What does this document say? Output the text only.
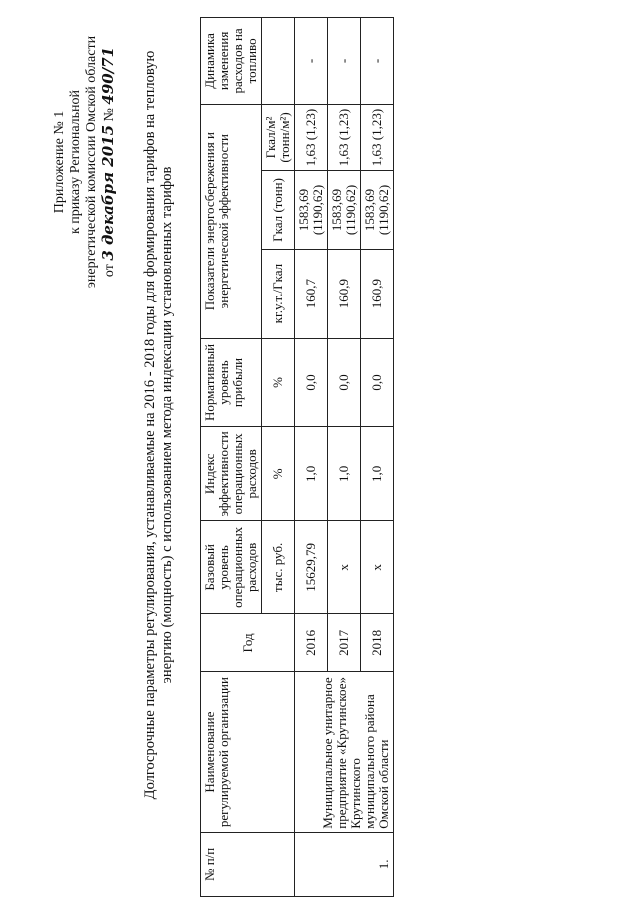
Приложение № 1 к приказу Региональной энергетической комиссии Омской области от 3 декабря 2015 № 490/71 Долгосрочные параметры регулирования, устанавливаемые на 2016 - 2018 годы для формирования тарифов на тепловую энергию (мощность) с использованием метода индексации установленных тарифов
№ п/п	Наименование регулируемой организации	Год	Базовый уровень операционных расходов	Индекс эффективности операционных расходов	Нормативный уровень прибыли	Показатели энергосбережения и энергетической эффективности			Динамика изменения расходов на топливо
			тыс. руб.	%	%	кг.у.т./Гкал	Гкал (тонн)	Гкал/м² (тонн/м²)	
1.	Муниципальное унитарное предприятие «Крутинское» Крутинского муниципального района Омской области	2016	15629,79	1,0	0,0	160,7	1583,69 (1190,62)	1,63 (1,23)	-
		2017	x	1,0	0,0	160,9	1583,69 (1190,62)	1,63 (1,23)	-
		2018	x	1,0	0,0	160,9	1583,69 (1190,62)	1,63 (1,23)	-
